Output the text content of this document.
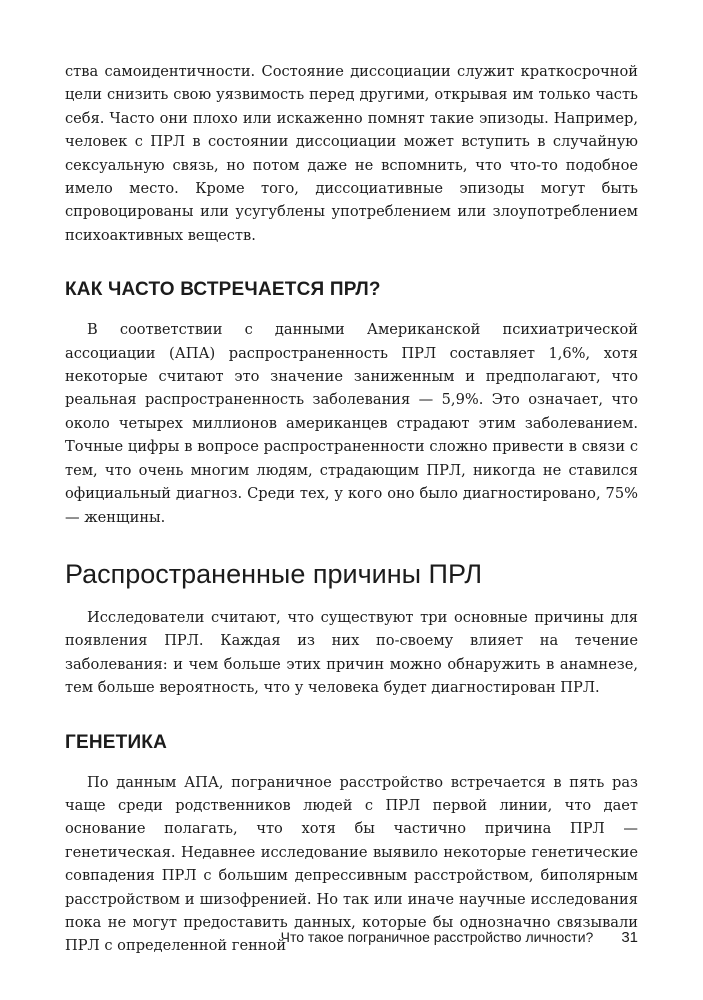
ства самоидентичности. Состояние диссоциации служит краткосрочной цели снизить свою уязвимость перед другими, открывая им только часть себя. Часто они плохо или искаженно помнят такие эпизоды. Например, человек с ПРЛ в состоянии диссоциации может вступить в случайную сексуальную связь, но потом даже не вспомнить, что что-то подобное имело место. Кроме того, диссоциативные эпизоды могут быть спровоцированы или усугублены употреблением или злоупотреблением психоактивных веществ.

КАК ЧАСТО ВСТРЕЧАЕТСЯ ПРЛ?

В соответствии с данными Американской психиатрической ассоциации (АПА) распространенность ПРЛ составляет 1,6%, хотя некоторые считают это значение заниженным и предполагают, что реальная распространенность заболевания — 5,9%. Это означает, что около четырех миллионов американцев страдают этим заболеванием. Точные цифры в вопросе распространенности сложно привести в связи с тем, что очень многим людям, страдающим ПРЛ, никогда не ставился официальный диагноз. Среди тех, у кого оно было диагностировано, 75% — женщины.

Распространенные причины ПРЛ

Исследователи считают, что существуют три основные причины для появления ПРЛ. Каждая из них по-своему влияет на течение заболевания: и чем больше этих причин можно обнаружить в анамнезе, тем больше вероятность, что у человека будет диагностирован ПРЛ.

ГЕНЕТИКА

По данным АПА, пограничное расстройство встречается в пять раз чаще среди родственников людей с ПРЛ первой линии, что дает основание полагать, что хотя бы частично причина ПРЛ — генетическая. Недавнее исследование выявило некоторые генетические совпадения ПРЛ с большим депрессивным расстройством, биполярным расстройством и шизофренией. Но так или иначе научные исследования пока не могут предоставить данных, которые бы однозначно связывали ПРЛ с определенной генной

Что такое пограничное расстройство личности? 31
